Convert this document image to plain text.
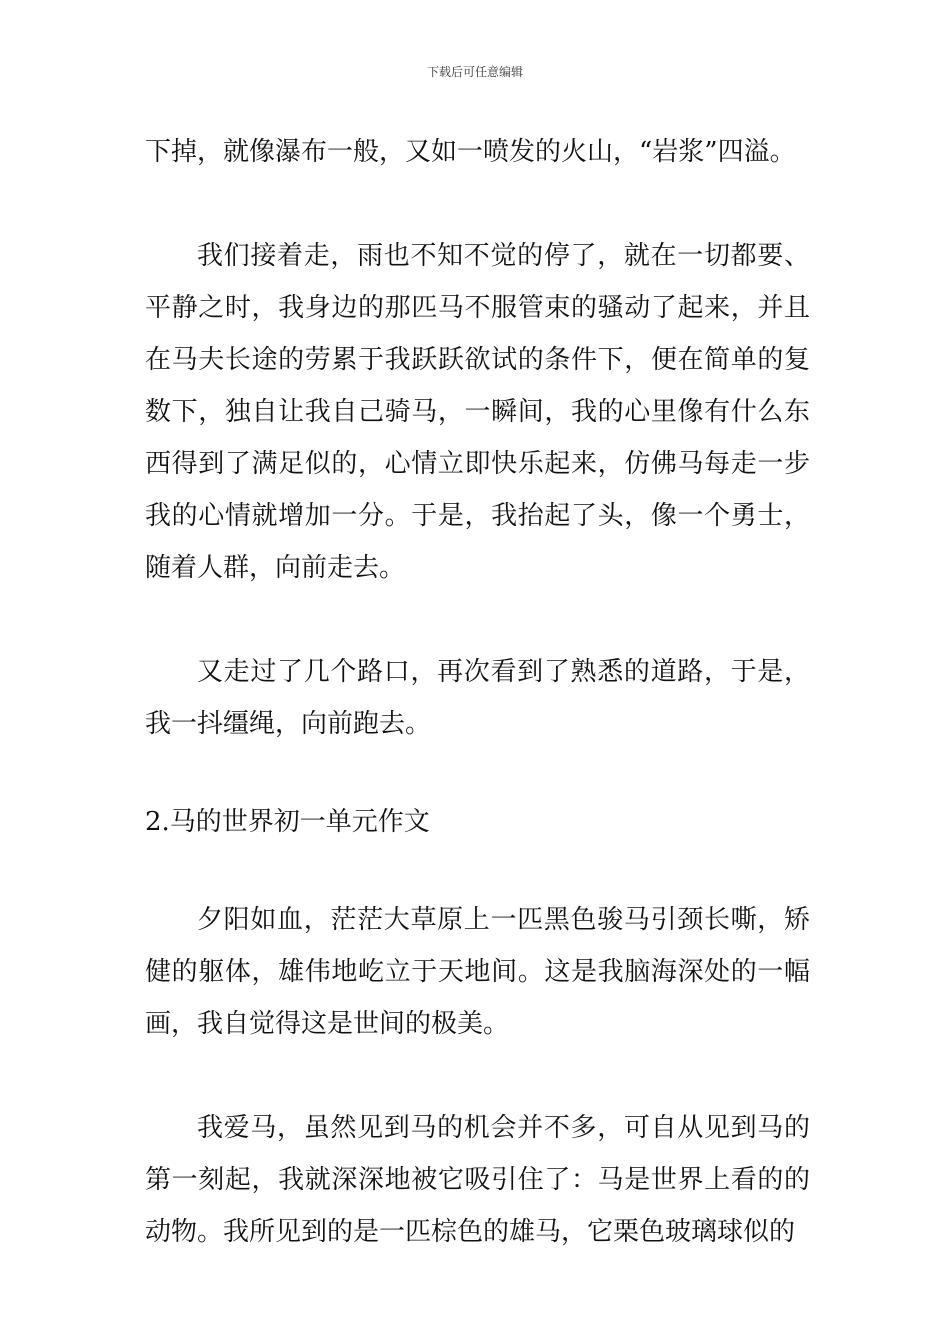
下载后可任意编辑

下掉，就像瀑布一般，又如一喷发的火山，“岩浆”四溢。

我们接着走，雨也不知不觉的停了，就在一切都要、平静之时，我身边的那匹马不服管束的骚动了起来，并且在马夫长途的劳累于我跃跃欲试的条件下，便在简单的复数下，独自让我自己骑马，一瞬间，我的心里像有什么东西得到了满足似的，心情立即快乐起来，仿佛马每走一步我的心情就增加一分。于是，我抬起了头，像一个勇士，随着人群，向前走去。

又走过了几个路口，再次看到了熟悉的道路，于是，我一抖缰绳，向前跑去。

2.马的世界初一单元作文

夕阳如血，茫茫大草原上一匹黑色骏马引颈长嘶，矫健的躯体，雄伟地屹立于天地间。这是我脑海深处的一幅画，我自觉得这是世间的极美。

我爱马，虽然见到马的机会并不多，可自从见到马的第一刻起，我就深深地被它吸引住了：马是世界上看的的动物。我所见到的是一匹棕色的雄马，它栗色玻璃球似的
